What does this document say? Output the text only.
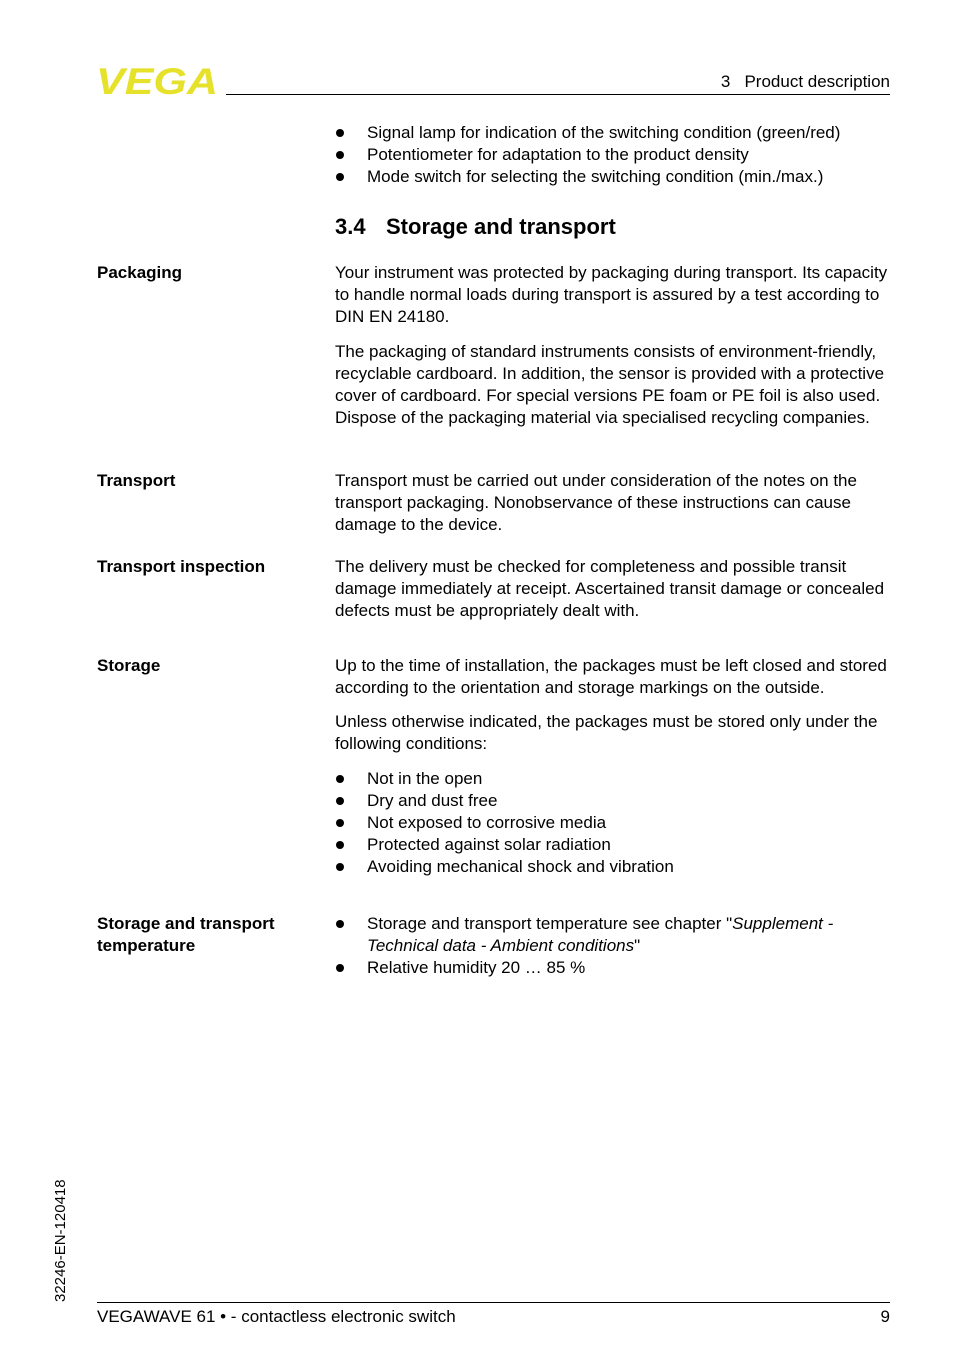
VEGA	3   Product description
Signal lamp for indication of the switching condition (green/red)
Potentiometer for adaptation to the product density
Mode switch for selecting the switching condition (min./max.)
3.4 Storage and transport
Packaging	Your instrument was protected by packaging during transport. Its capacity to handle normal loads during transport is assured by a test according to DIN EN 24180.

The packaging of standard instruments consists of environment-friendly, recyclable cardboard. In addition, the sensor is provided with a protective cover of cardboard. For special versions PE foam or PE foil is also used. Dispose of the packaging material via specialised recycling companies.

Transport	Transport must be carried out under consideration of the notes on the transport packaging. Nonobservance of these instructions can cause damage to the device.

Transport inspection	The delivery must be checked for completeness and possible transit damage immediately at receipt. Ascertained transit damage or concealed defects must be appropriately dealt with.

Storage	Up to the time of installation, the packages must be left closed and stored according to the orientation and storage markings on the outside.

Unless otherwise indicated, the packages must be stored only under the following conditions:

Not in the open
Dry and dust free
Not exposed to corrosive media
Protected against solar radiation
Avoiding mechanical shock and vibration
Storage and transport
temperature
Storage and transport temperature see chapter "Supplement - Technical data - Ambient conditions"
Relative humidity 20 … 85 %
32246-EN-120418
VEGAWAVE 61 • - contactless electronic switch	9
